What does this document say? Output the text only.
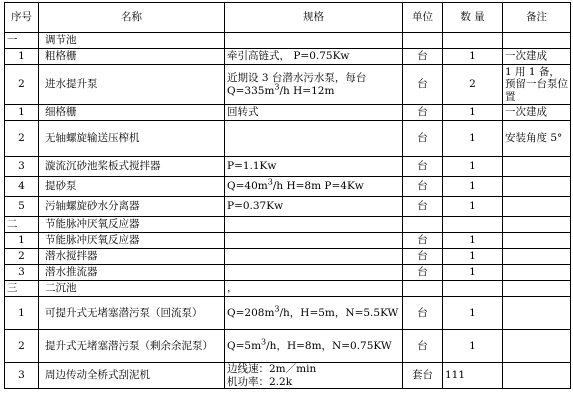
序号	名称	规格	单位	数 量	备注
一	调节池				
1	粗格栅	牵引高链式， P=0.75Kw	台	1	一次建成
2	进水提升泵	近期设 3 台潜水污水泵，每台
$Q=335m^3/h$ H=12m	台	2	1 用 1 备，预留一台泵位置
1	细格栅	回转式	台	1	一次建成
2	无轴螺旋输送压榨机		台	1	安装角度 5°
3	漩流沉砂池桨板式搅拌器	P=1.1Kw	台	1	
4	提砂泵	$Q=40m^3/h$ H=8m P=4Kw	台	1	
5	污轴螺旋砂水分离器	P=0.37Kw	台	1	
二	节能脉冲厌氧反应器				
1	节能脉冲厌氧反应器		台	1	
2	潜水搅拌器		台	1	
3	潜水推流器		台	1	
三	二沉池	，			
1	可提升式无堵塞潜污泵（回流泵）	$Q=208m^3/h$，H=5m，N=5.5KW	台	1	
2	提升式无堵塞潜污泵（剩余余泥泵）	$Q=5m^3/h$，H=8m，N=0.75KW	台	1	
3	周边传动全桥式刮泥机	边线速：2m／min
机功率：2.2k	套台	111	
